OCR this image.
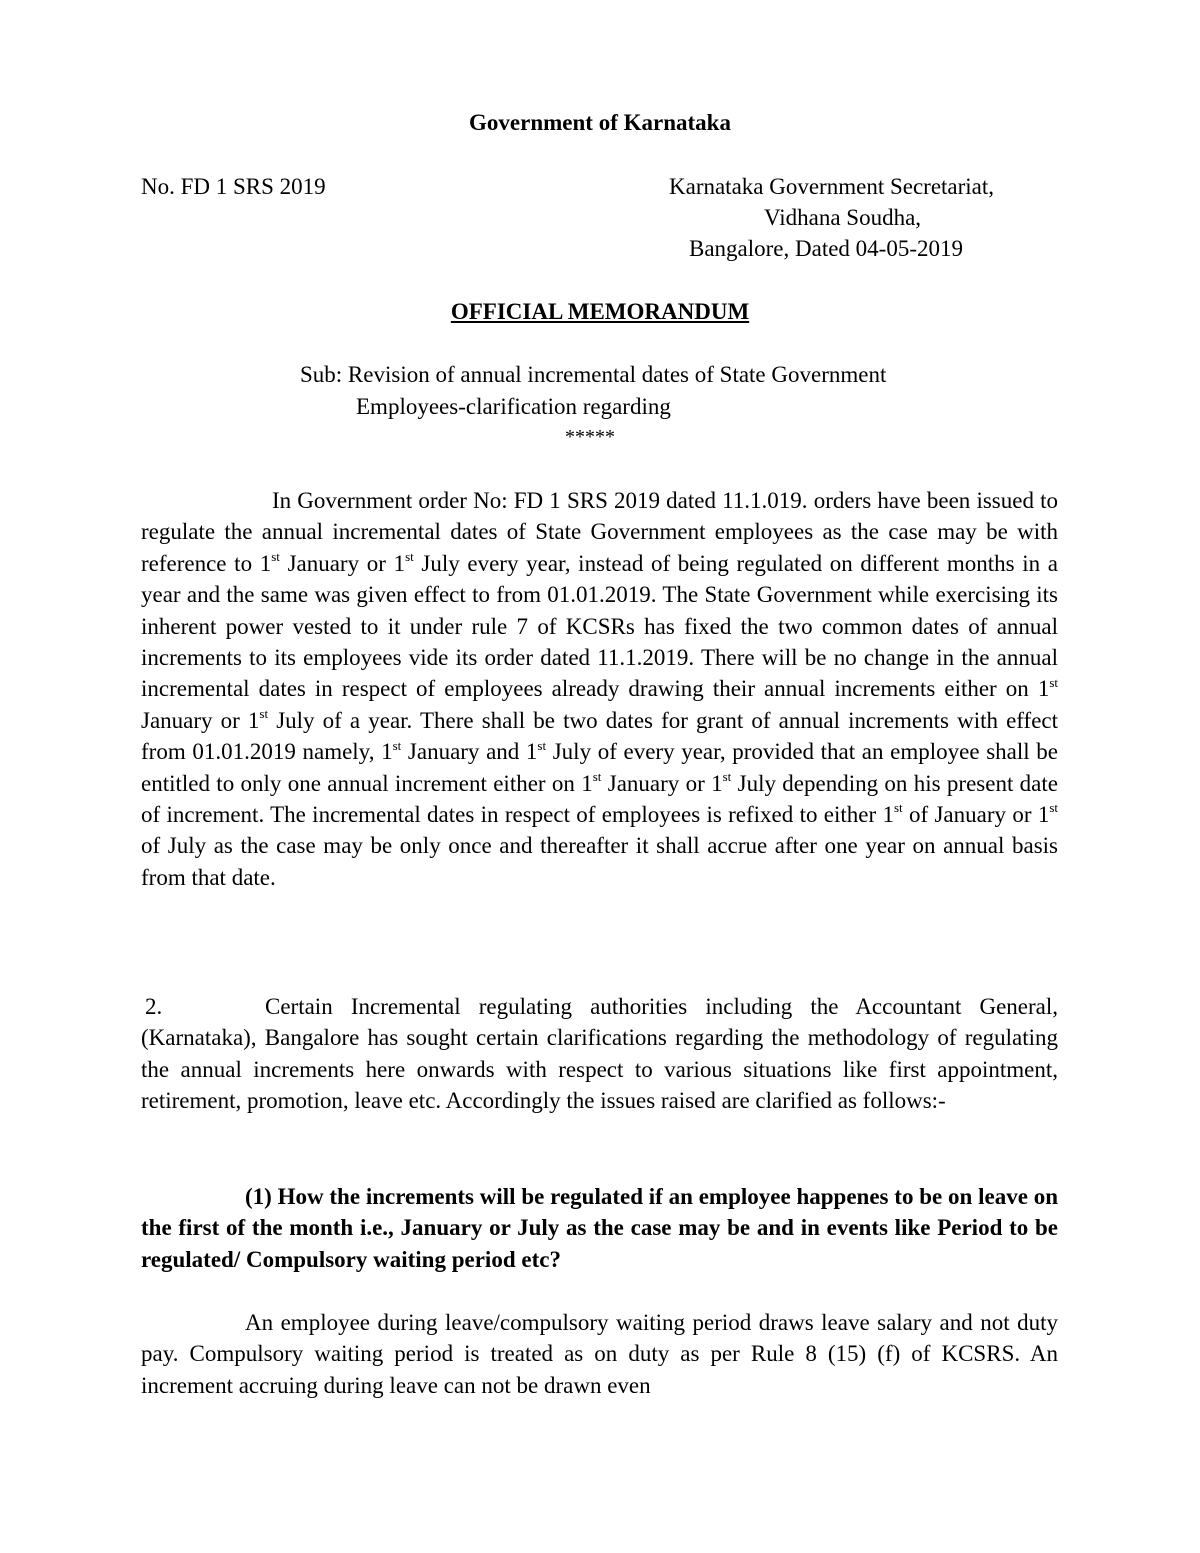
Government of Karnataka
No. FD 1 SRS 2019	Karnataka Government Secretariat,
Vidhana Soudha,
Bangalore, Dated 04-05-2019
OFFICIAL MEMORANDUM
Sub: Revision of annual incremental dates of State Government
Employees-clarification regarding
*****
In Government order No: FD 1 SRS 2019 dated 11.1.019. orders have been issued to regulate the annual incremental dates of State Government employees as the case may be with reference to 1st January or 1st July every year, instead of being regulated on different months in a year and the same was given effect to from 01.01.2019. The State Government while exercising its inherent power vested to it under rule 7 of KCSRs has fixed the two common dates of annual increments to its employees vide its order dated 11.1.2019. There will be no change in the annual incremental dates in respect of employees already drawing their annual increments either on 1st January or 1st July of a year. There shall be two dates for grant of annual increments with effect from 01.01.2019 namely, 1st January and 1st July of every year, provided that an employee shall be entitled to only one annual increment either on 1st January or 1st July depending on his present date of increment. The incremental dates in respect of employees is refixed to either 1st of January or 1st of July as the case may be only once and thereafter it shall accrue after one year on annual basis from that date.
2.	Certain Incremental regulating authorities including the Accountant General, (Karnataka), Bangalore has sought certain clarifications regarding the methodology of regulating the annual increments here onwards with respect to various situations like first appointment, retirement, promotion, leave etc. Accordingly the issues raised are clarified as follows:-
(1) How the increments will be regulated if an employee happenes to be on leave on the first of the month i.e., January or July as the case may be and in events like Period to be regulated/ Compulsory waiting period etc?
An employee during leave/compulsory waiting period draws leave salary and not duty pay. Compulsory waiting period is treated as on duty as per Rule 8 (15) (f) of KCSRS. An increment accruing during leave can not be drawn even
